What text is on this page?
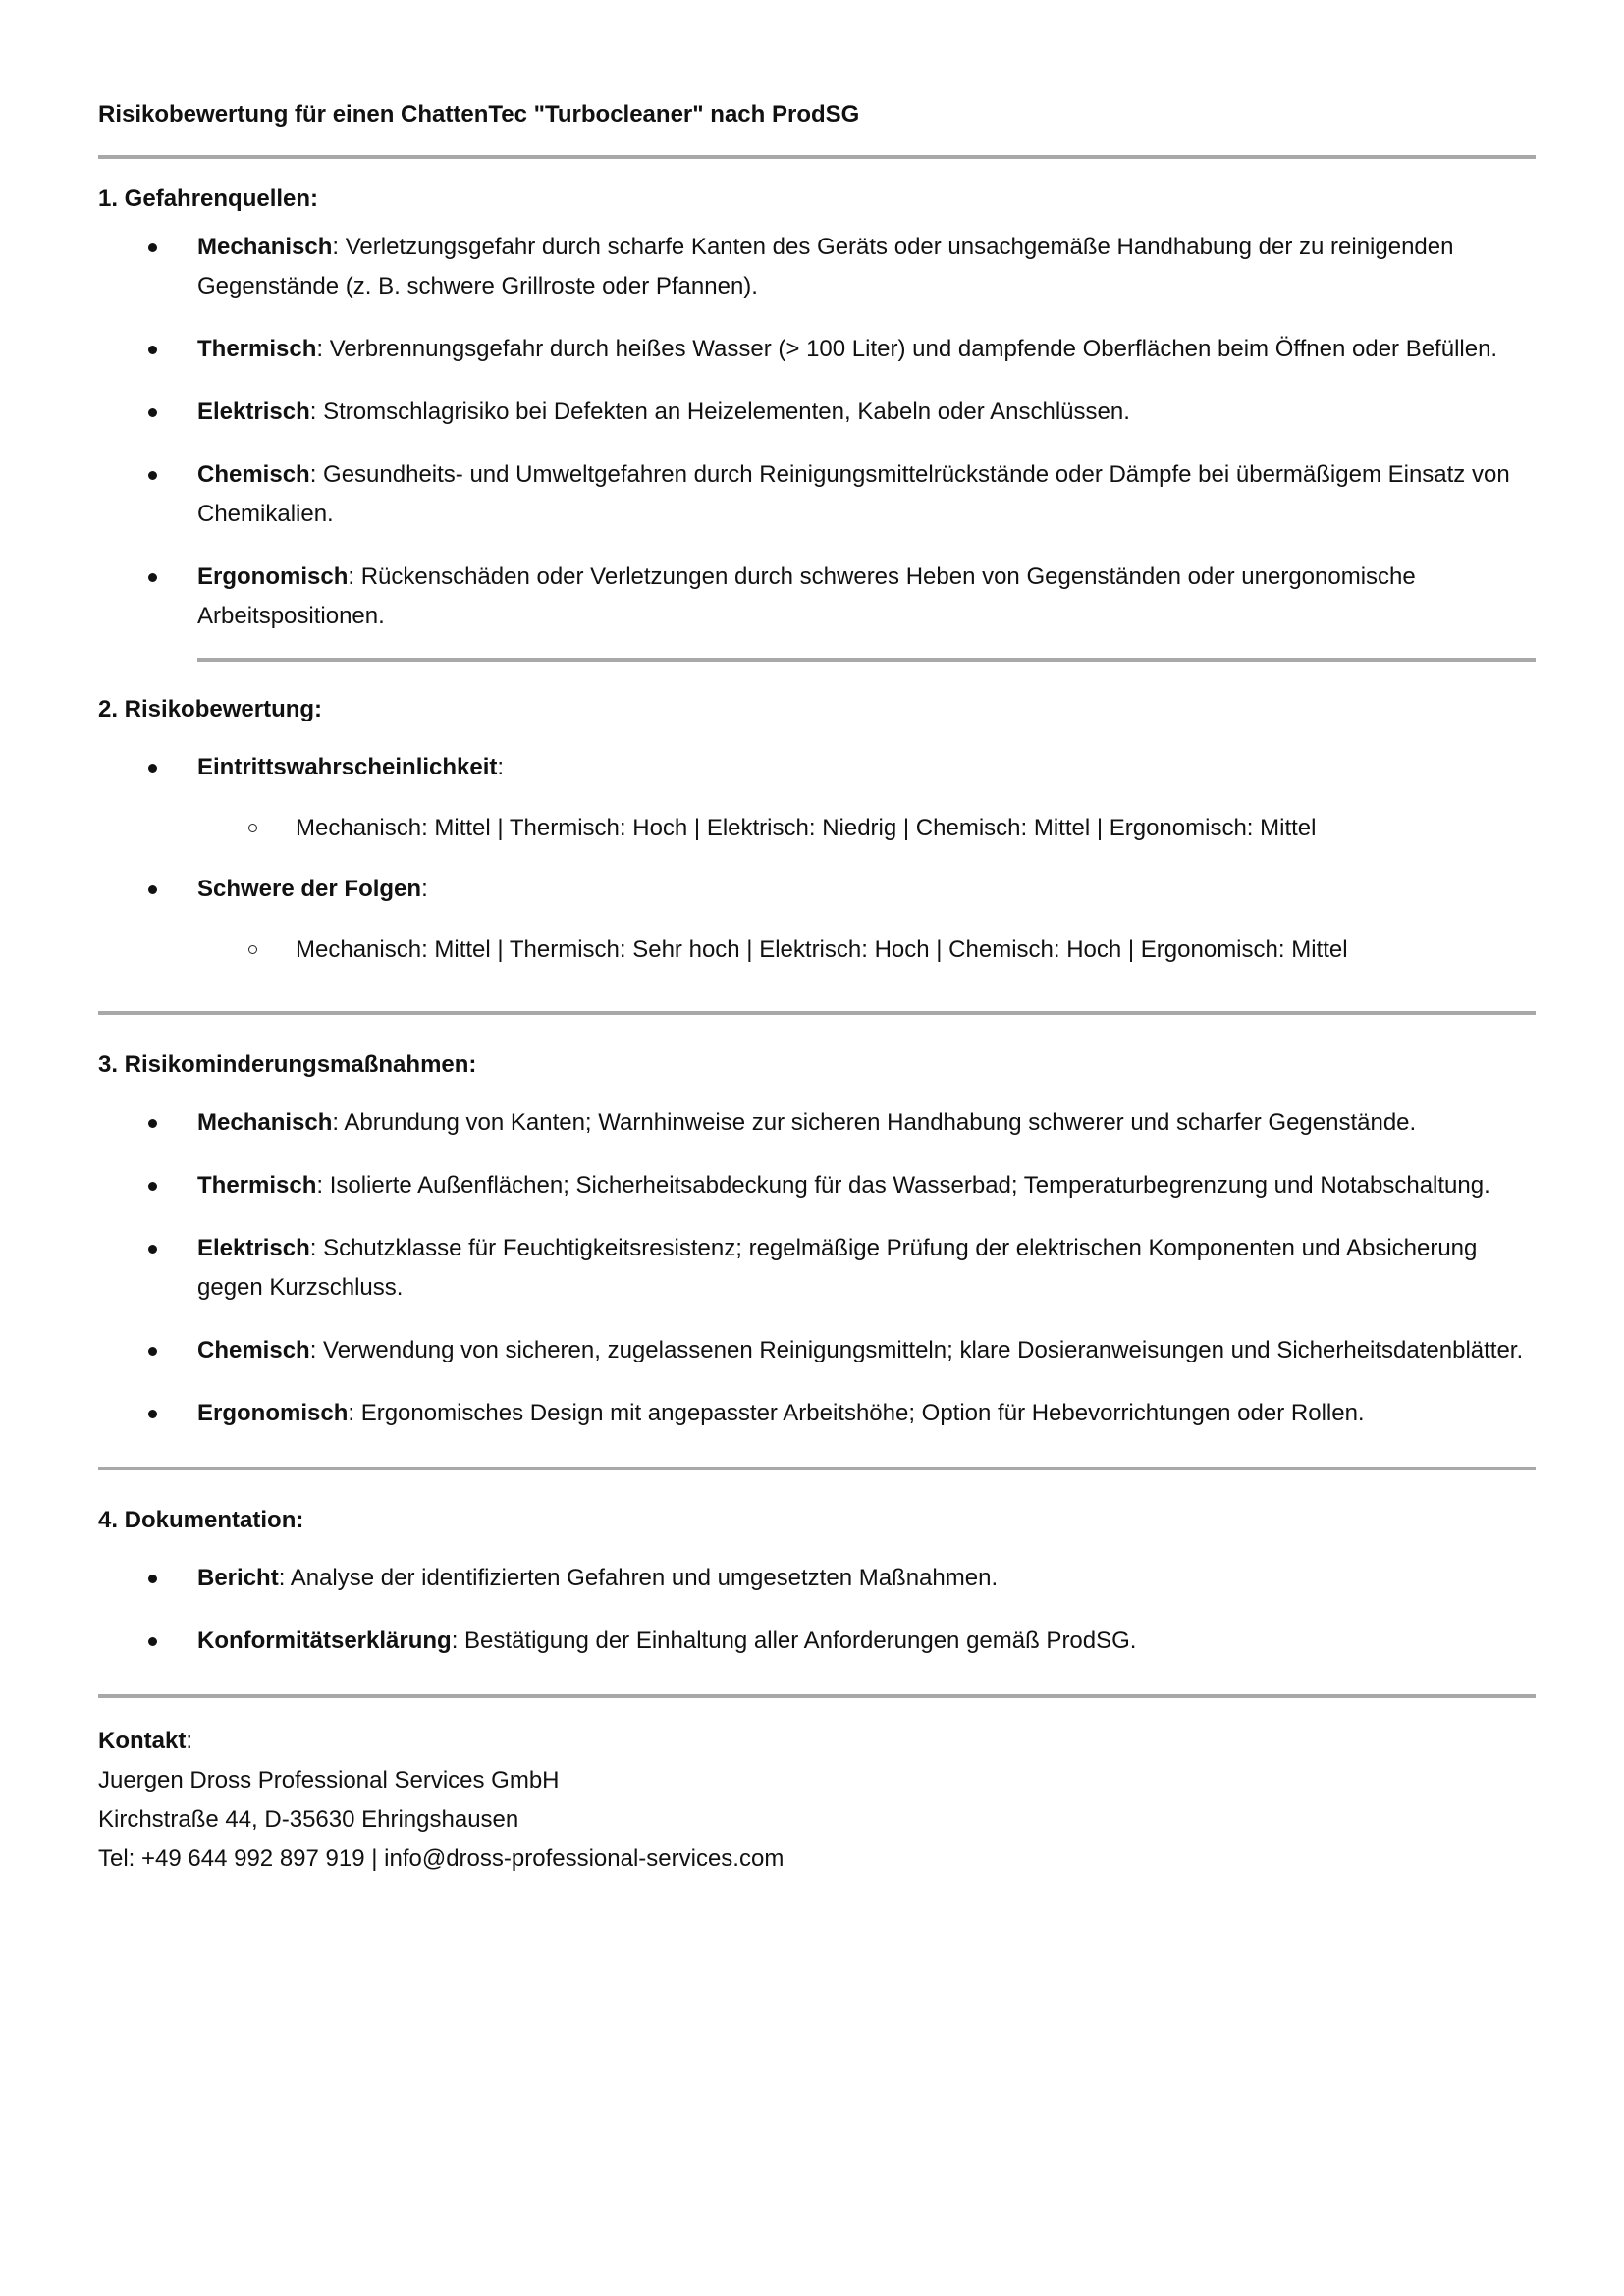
Risikobewertung für einen ChattenTec "Turbocleaner" nach ProdSG

1. Gefahrenquellen:

Mechanisch: Verletzungsgefahr durch scharfe Kanten des Geräts oder unsachgemäße Handhabung der zu reinigenden Gegenstände (z. B. schwere Grillroste oder Pfannen).
Thermisch: Verbrennungsgefahr durch heißes Wasser (> 100 Liter) und dampfende Oberflächen beim Öffnen oder Befüllen.
Elektrisch: Stromschlagrisiko bei Defekten an Heizelementen, Kabeln oder Anschlüssen.
Chemisch: Gesundheits- und Umweltgefahren durch Reinigungsmittelrückstände oder Dämpfe bei übermäßigem Einsatz von Chemikalien.
Ergonomisch: Rückenschäden oder Verletzungen durch schweres Heben von Gegenständen oder unergonomische Arbeitspositionen.

2. Risikobewertung:

Eintrittswahrscheinlichkeit:
Mechanisch: Mittel | Thermisch: Hoch | Elektrisch: Niedrig | Chemisch: Mittel | Ergonomisch: Mittel
Schwere der Folgen:
Mechanisch: Mittel | Thermisch: Sehr hoch | Elektrisch: Hoch | Chemisch: Hoch | Ergonomisch: Mittel

3. Risikominderungsmaßnahmen:

Mechanisch: Abrundung von Kanten; Warnhinweise zur sicheren Handhabung schwerer und scharfer Gegenstände.
Thermisch: Isolierte Außenflächen; Sicherheitsabdeckung für das Wasserbad; Temperaturbegrenzung und Notabschaltung.
Elektrisch: Schutzklasse für Feuchtigkeitsresistenz; regelmäßige Prüfung der elektrischen Komponenten und Absicherung gegen Kurzschluss.
Chemisch: Verwendung von sicheren, zugelassenen Reinigungsmitteln; klare Dosieranweisungen und Sicherheitsdatenblätter.
Ergonomisch: Ergonomisches Design mit angepasster Arbeitshöhe; Option für Hebevorrichtungen oder Rollen.

4. Dokumentation:

Bericht: Analyse der identifizierten Gefahren und umgesetzten Maßnahmen.
Konformitätserklärung: Bestätigung der Einhaltung aller Anforderungen gemäß ProdSG.

Kontakt:

Juergen Dross Professional Services GmbH

Kirchstraße 44, D-35630 Ehringshausen

Tel: +49 644 992 897 919 | info@dross-professional-services.com
